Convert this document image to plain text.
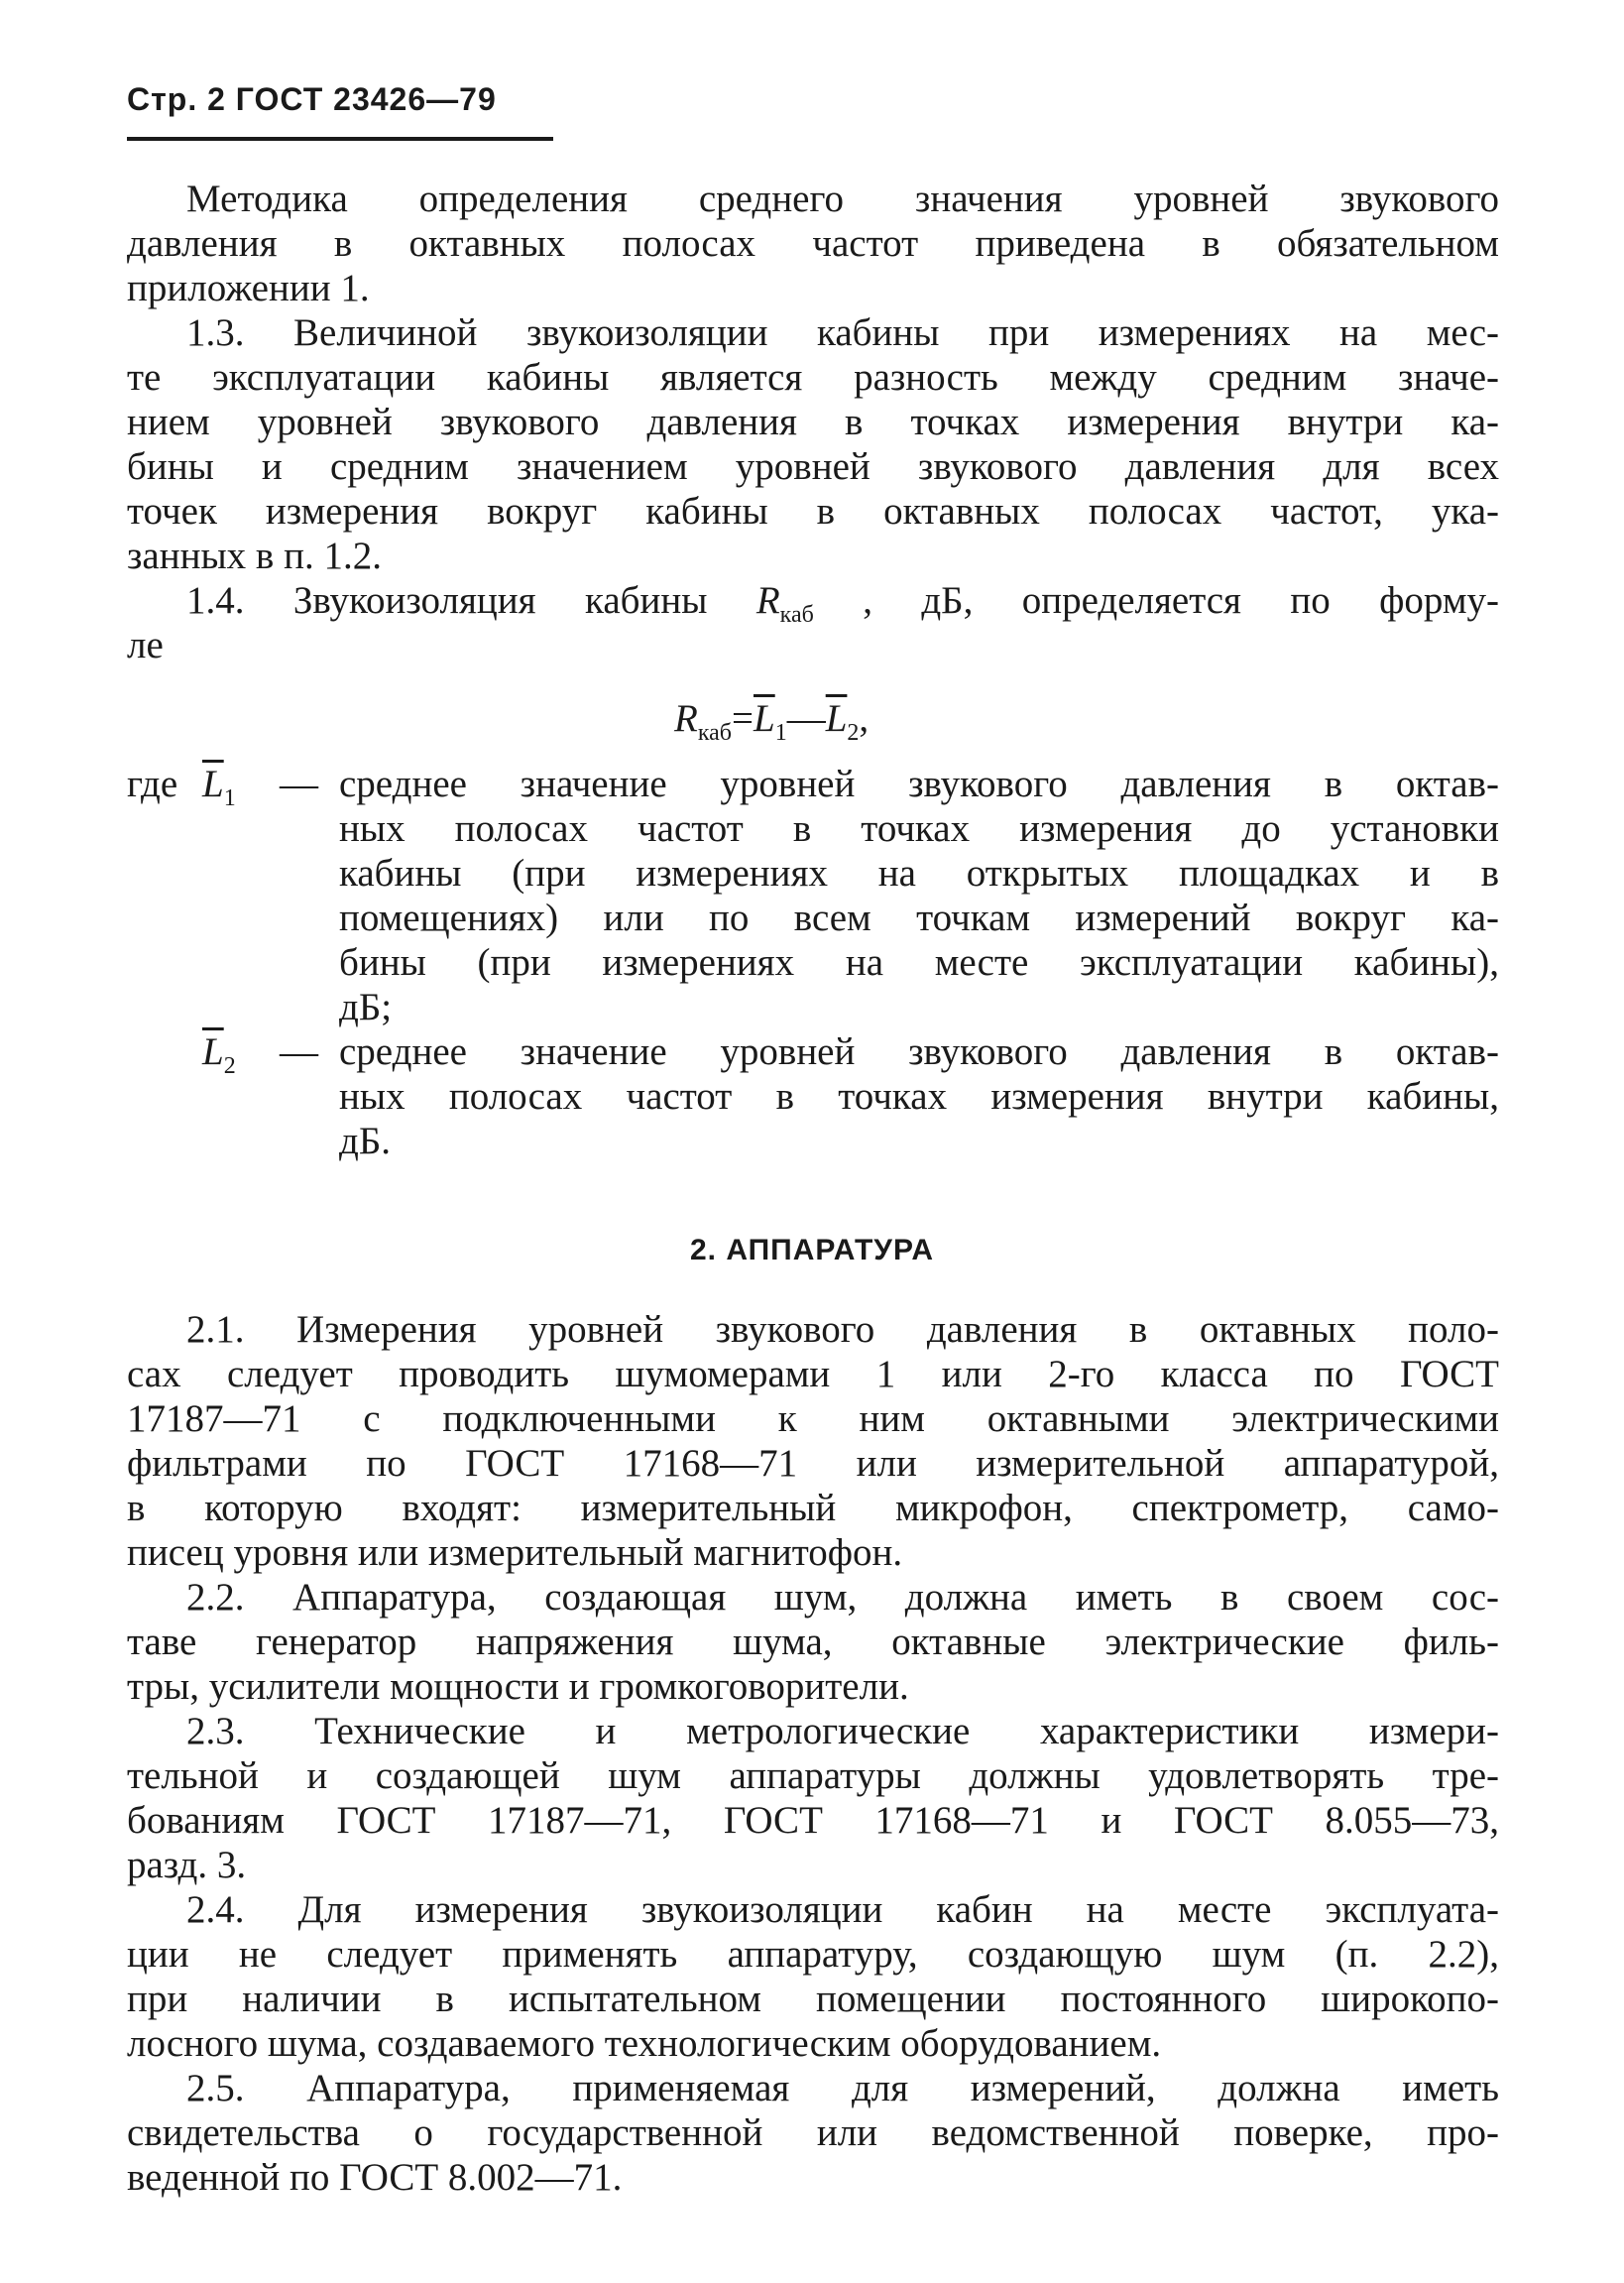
Стр. 2 ГОСТ 23426—79
Методика определения среднего значения уровней звукового
давления в октавных полосах частот приведена в обязательном
приложении 1.
1.3. Величиной звукоизоляции кабины при измерениях на мес-
те эксплуатации кабины является разность между средним значе-
нием уровней звукового давления в точках измерения внутри ка-
бины и средним значением уровней звукового давления для всех
точек измерения вокруг кабины в октавных полосах частот, ука-
занных в п. 1.2.
1.4. Звукоизоляция кабины $R_{каб}$ , дБ, определяется по форму-
ле
$R_{каб}=\overline{L}_1—\overline{L}_2$,
где $\overline{L}_1$ — среднее значение уровней звукового давления в октав-
ных полосах частот в точках измерения до установки
кабины (при измерениях на открытых площадках и в
помещениях) или по всем точкам измерений вокруг ка-
бины (при измерениях на месте эксплуатации кабины),
дБ;
$\overline{L}_2$ — среднее значение уровней звукового давления в октав-
ных полосах частот в точках измерения внутри кабины,
дБ.
2. АППАРАТУРА
2.1. Измерения уровней звукового давления в октавных поло-
сах следует проводить шумомерами 1 или 2-го класса по ГОСТ
17187—71 с подключенными к ним октавными электрическими
фильтрами по ГОСТ 17168—71 или измерительной аппаратурой,
в которую входят: измерительный микрофон, спектрометр, само-
писец уровня или измерительный магнитофон.
2.2. Аппаратура, создающая шум, должна иметь в своем сос-
таве генератор напряжения шума, октавные электрические филь-
тры, усилители мощности и громкоговорители.
2.3. Технические и метрологические характеристики измери-
тельной и создающей шум аппаратуры должны удовлетворять тре-
бованиям ГОСТ 17187—71, ГОСТ 17168—71 и ГОСТ 8.055—73,
разд. 3.
2.4. Для измерения звукоизоляции кабин на месте эксплуата-
ции не следует применять аппаратуру, создающую шум (п. 2.2),
при наличии в испытательном помещении постоянного широкопо-
лосного шума, создаваемого технологическим оборудованием.
2.5. Аппаратура, применяемая для измерений, должна иметь
свидетельства о государственной или ведомственной поверке, про-
веденной по ГОСТ 8.002—71.
